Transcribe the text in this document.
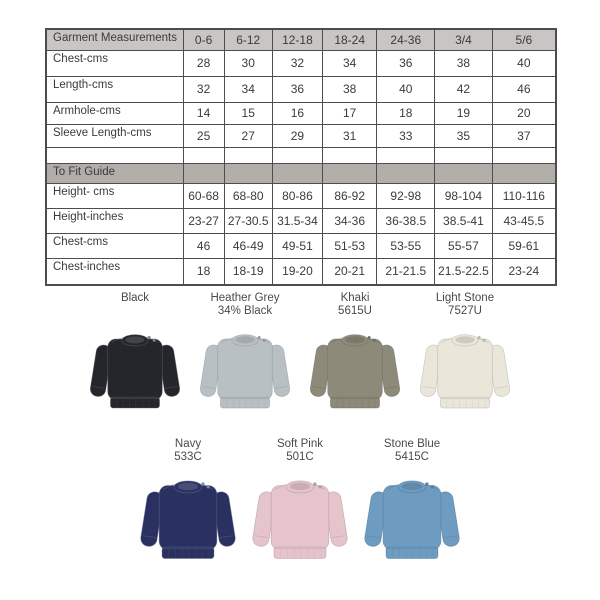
Garment Measurements	0-6	6-12	12-18	18-24	24-36	3/4	5/6
Chest-cms	28	30	32	34	36	38	40
Length-cms	32	34	36	38	40	42	46
Armhole-cms	14	15	16	17	18	19	20
Sleeve Length-cms	25	27	29	31	33	35	37

To Fit Guide							
Height- cms	60-68	68-80	80-86	86-92	92-98	98-104	110-116
Height-inches	23-27	27-30.5	31.5-34	34-36	36-38.5	38.5-41	43-45.5
Chest-cms	46	46-49	49-51	51-53	53-55	55-57	59-61
Chest-inches	18	18-19	19-20	20-21	21-21.5	21.5-22.5	23-24
Black	Heather Grey
34% Black
Khaki
5615U
Light Stone
7527U
Navy
533C
Soft Pink
501C
Stone Blue
5415C
